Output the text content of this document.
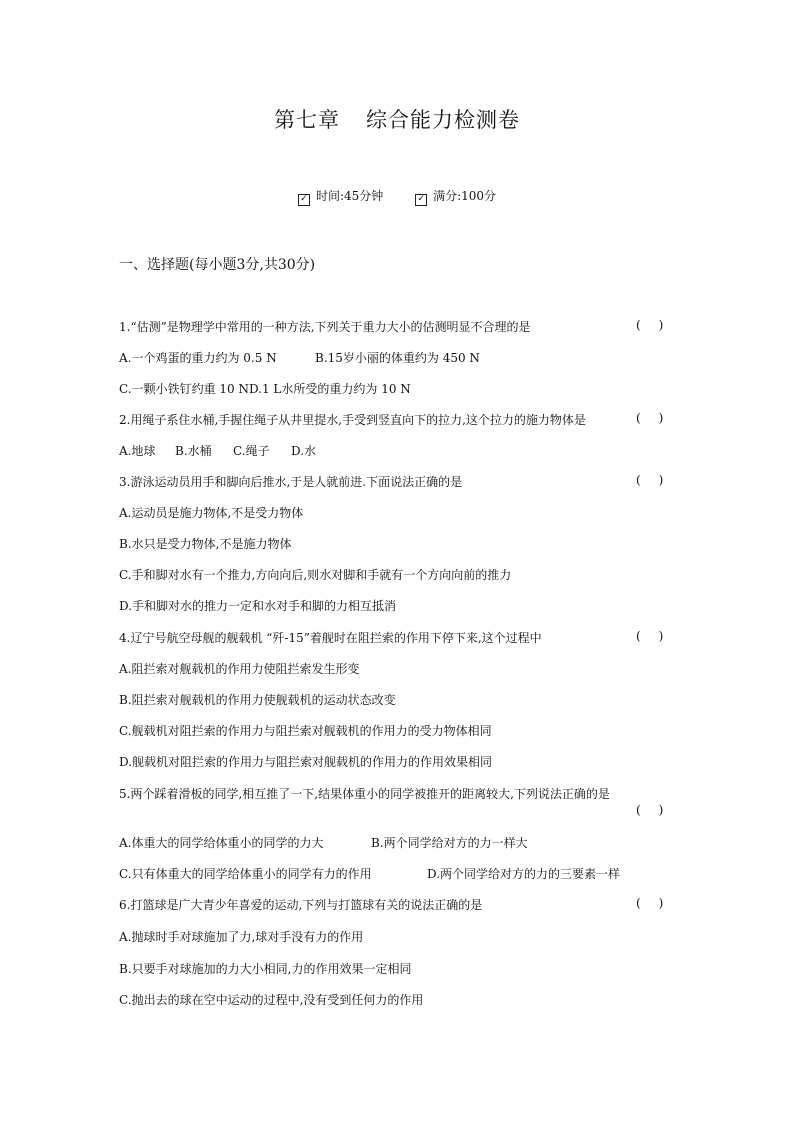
第七章 综合能力检测卷
✓ 时间:45分钟	✓ 满分:100分
一、选择题(每小题3分,共30分)
1.“估测”是物理学中常用的一种方法,下列关于重力大小的估测明显不合理的是	()
A.一个鸡蛋的重力约为 0.5 N	B.15岁小丽的体重约为 450 N
C.一颗小铁钉约重 10 ND.1 L水所受的重力约为 10 N
2.用绳子系住水桶,手握住绳子从井里提水,手受到竖直向下的拉力,这个拉力的施力物体是	()
A.地球 B.水桶 C.绳子 D.水
3.游泳运动员用手和脚向后推水,于是人就前进.下面说法正确的是	()
A.运动员是施力物体,不是受力物体
B.水只是受力物体,不是施力物体
C.手和脚对水有一个推力,方向向后,则水对脚和手就有一个方向向前的推力
D.手和脚对水的推力一定和水对手和脚的力相互抵消
4.辽宁号航空母舰的舰载机 “歼-15”着舰时在阻拦索的作用下停下来,这个过程中	()
A.阻拦索对舰载机的作用力使阻拦索发生形变
B.阻拦索对舰载机的作用力使舰载机的运动状态改变
C.舰载机对阻拦索的作用力与阻拦索对舰载机的作用力的受力物体相同
D.舰载机对阻拦索的作用力与阻拦索对舰载机的作用力的作用效果相同
5.两个踩着滑板的同学,相互推了一下,结果体重小的同学被推开的距离较大,下列说法正确的是
()
A.体重大的同学给体重小的同学的力大	B.两个同学给对方的力一样大
C.只有体重大的同学给体重小的同学有力的作用	D.两个同学给对方的力的三要素一样
6.打篮球是广大青少年喜爱的运动,下列与打篮球有关的说法正确的是	()
A.抛球时手对球施加了力,球对手没有力的作用
B.只要手对球施加的力大小相同,力的作用效果一定相同
C.抛出去的球在空中运动的过程中,没有受到任何力的作用
